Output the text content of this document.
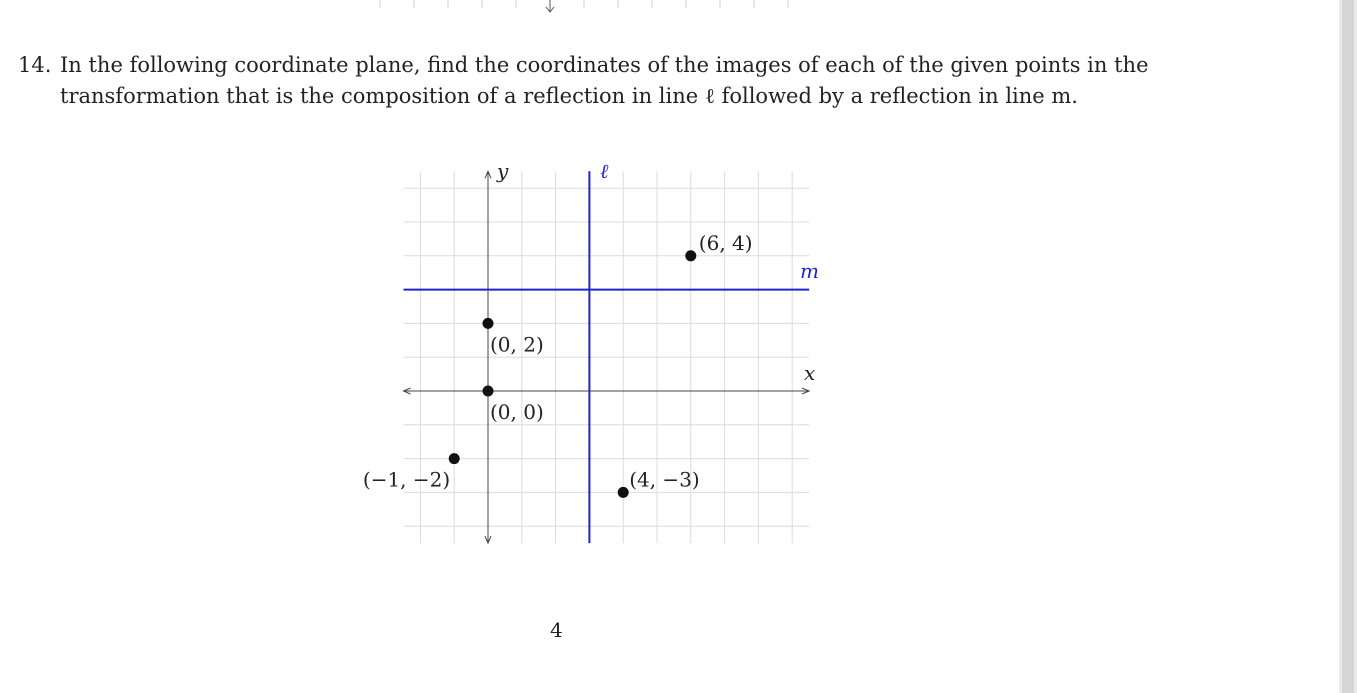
14. In the following coordinate plane, find the coordinates of the images of each of the given points in the
transformation that is the composition of a reflection in line ℓ followed by a reflection in line m.
(6, 4)
(0, 2)
(0, 0)
(−1, −2)	(4, −3)
y
x
ℓ
m
4
